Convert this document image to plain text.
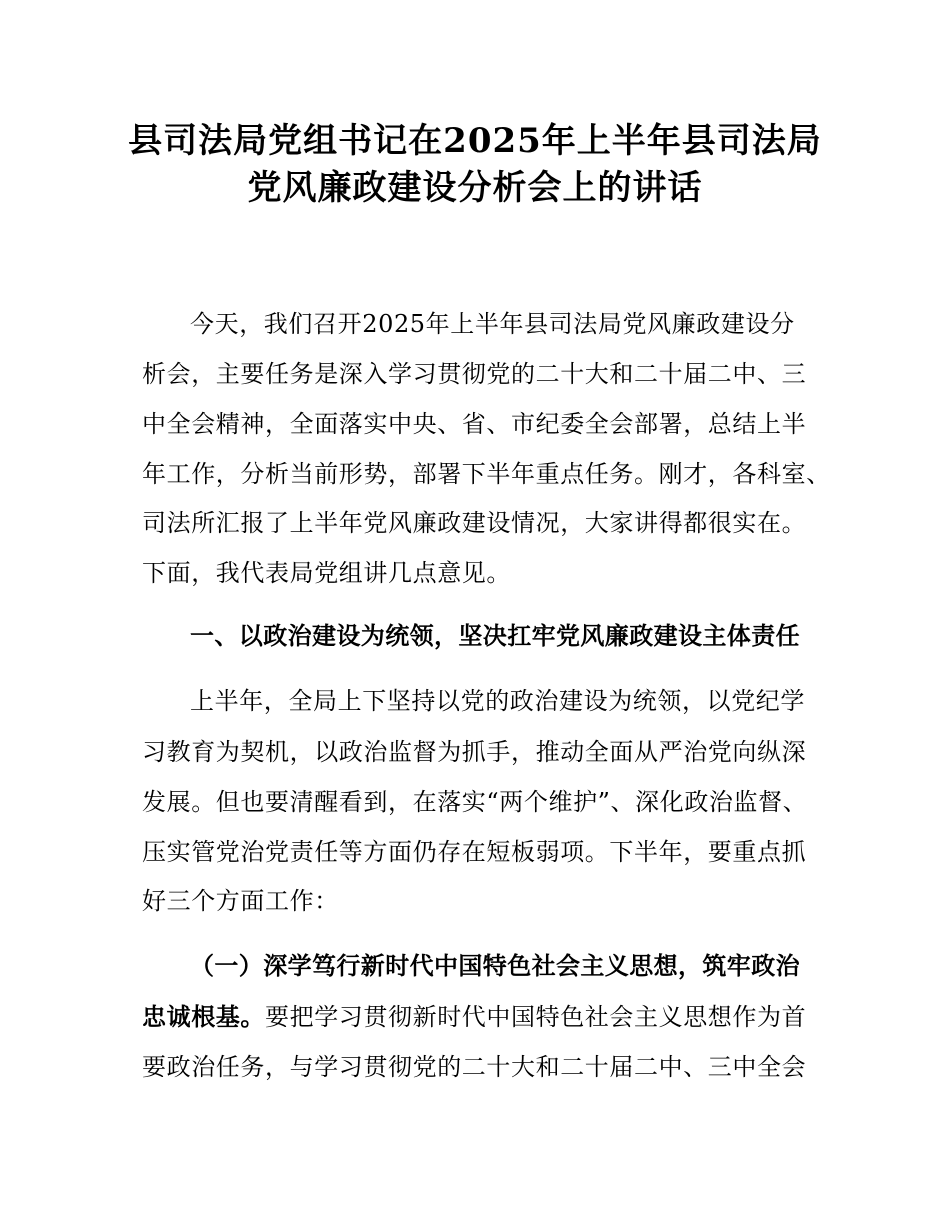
县司法局党组书记在2025年上半年县司法局
党风廉政建设分析会上的讲话
今天，我们召开2025年上半年县司法局党风廉政建设分
析会，主要任务是深入学习贯彻党的二十大和二十届二中、三
中全会精神，全面落实中央、省、市纪委全会部署，总结上半
年工作，分析当前形势，部署下半年重点任务。刚才，各科室、
司法所汇报了上半年党风廉政建设情况，大家讲得都很实在。
下面，我代表局党组讲几点意见。
一、以政治建设为统领，坚决扛牢党风廉政建设主体责任
上半年，全局上下坚持以党的政治建设为统领，以党纪学
习教育为契机，以政治监督为抓手，推动全面从严治党向纵深
发展。但也要清醒看到，在落实“两个维护”、深化政治监督、
压实管党治党责任等方面仍存在短板弱项。下半年，要重点抓
好三个方面工作：
（一）深学笃行新时代中国特色社会主义思想，筑牢政治
忠诚根基。要把学习贯彻新时代中国特色社会主义思想作为首
要政治任务，与学习贯彻党的二十大和二十届二中、三中全会
